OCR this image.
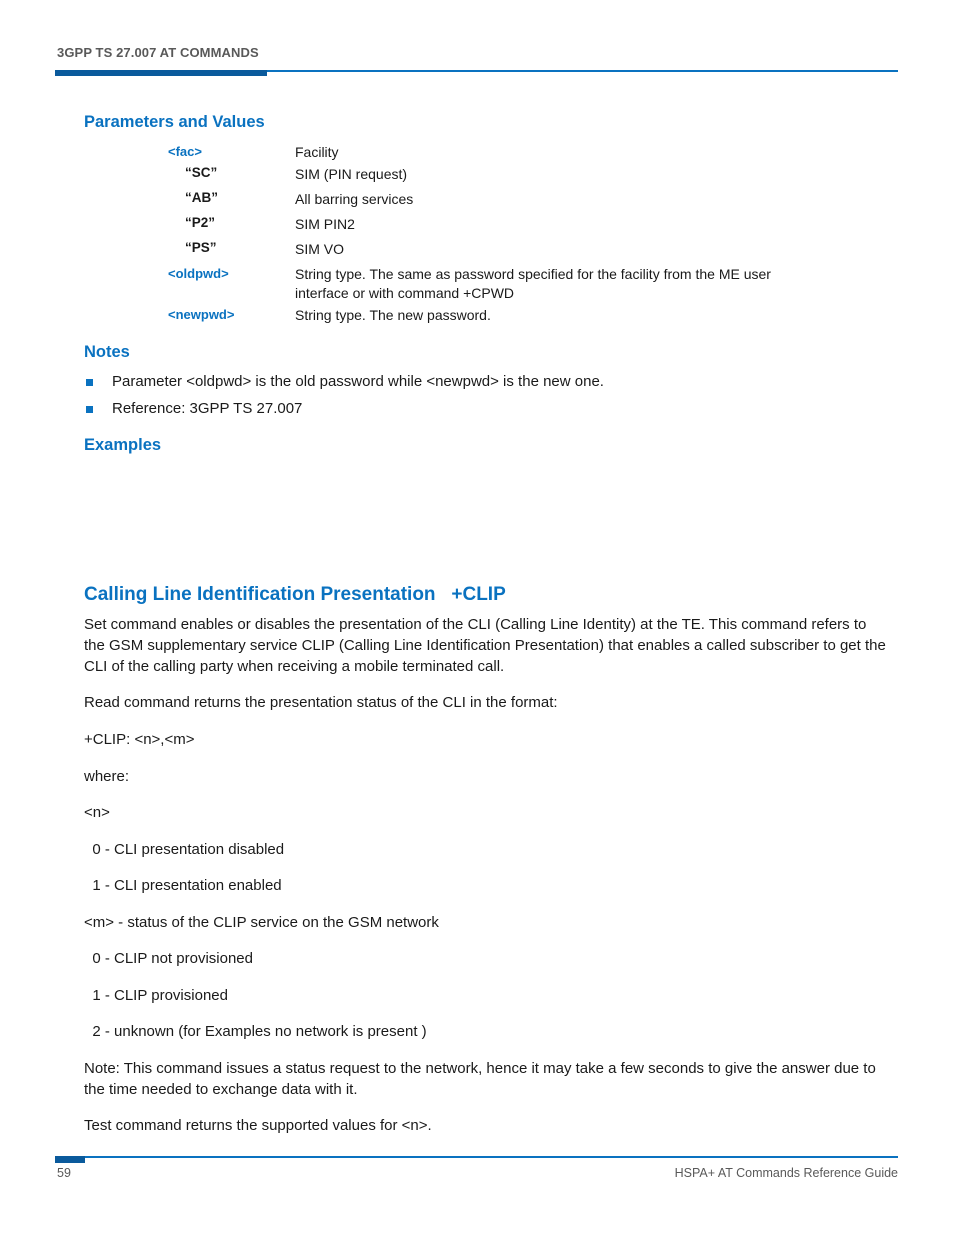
3GPP TS 27.007 AT COMMANDS
Parameters and Values
<fac>	Facility
“SC”	SIM (PIN request)
“AB”	All barring services
“P2”	SIM PIN2
“PS”	SIM VO
<oldpwd>	String type. The same as password specified for the facility from the ME user interface or with command +CPWD
<newpwd>	String type. The new password.
Notes
Parameter <oldpwd> is the old password while <newpwd> is the new one.
Reference: 3GPP TS 27.007
Examples
Calling Line Identification Presentation   +CLIP
Set command enables or disables the presentation of the CLI (Calling Line Identity) at the TE. This command refers to the GSM supplementary service CLIP (Calling Line Identification Presentation) that enables a called subscriber to get the CLI of the calling party when receiving a mobile terminated call.
Read command returns the presentation status of the CLI in the format:
+CLIP: <n>,<m>
where:
<n>
0 - CLI presentation disabled
1 - CLI presentation enabled
<m> - status of the CLIP service on the GSM network
0 - CLIP not provisioned
1 - CLIP provisioned
2 - unknown (for Examples no network is present )
Note: This command issues a status request to the network, hence it may take a few seconds to give the answer due to the time needed to exchange data with it.
Test command returns the supported values for <n>.
59	HSPA+ AT Commands Reference Guide
